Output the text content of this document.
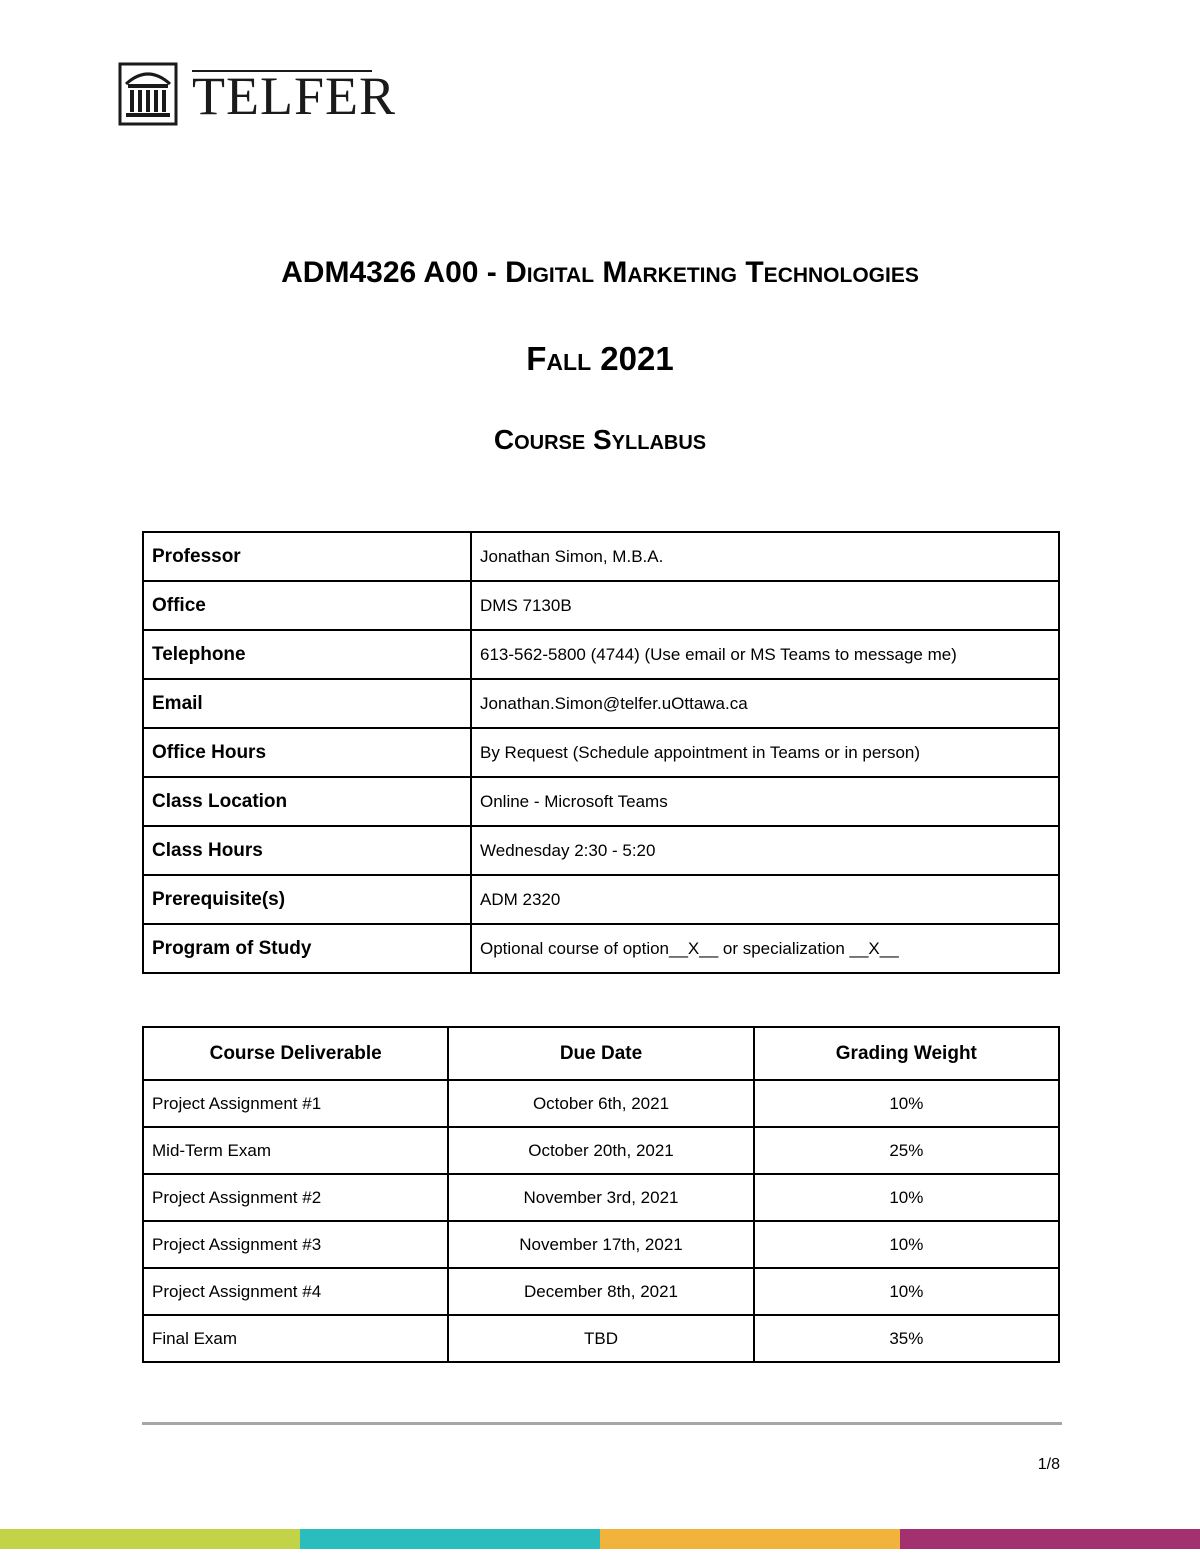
TELFER
ADM4326 A00 - Digital Marketing Technologies
Fall 2021
Course Syllabus
Professor	Jonathan Simon, M.B.A.
Office	DMS 7130B
Telephone	613-562-5800 (4744) (Use email or MS Teams to message me)
Email	Jonathan.Simon@telfer.uOttawa.ca
Office Hours	By Request (Schedule appointment in Teams or in person)
Class Location	Online - Microsoft Teams
Class Hours	Wednesday 2:30 - 5:20
Prerequisite(s)	ADM 2320
Program of Study	Optional course of option__X__ or specialization __X__
Course Deliverable	Due Date	Grading Weight
Project Assignment #1	October 6th, 2021	10%
Mid-Term Exam	October 20th, 2021	25%
Project Assignment #2	November 3rd, 2021	10%
Project Assignment #3	November 17th, 2021	10%
Project Assignment #4	December 8th, 2021	10%
Final Exam	TBD	35%
1/8
